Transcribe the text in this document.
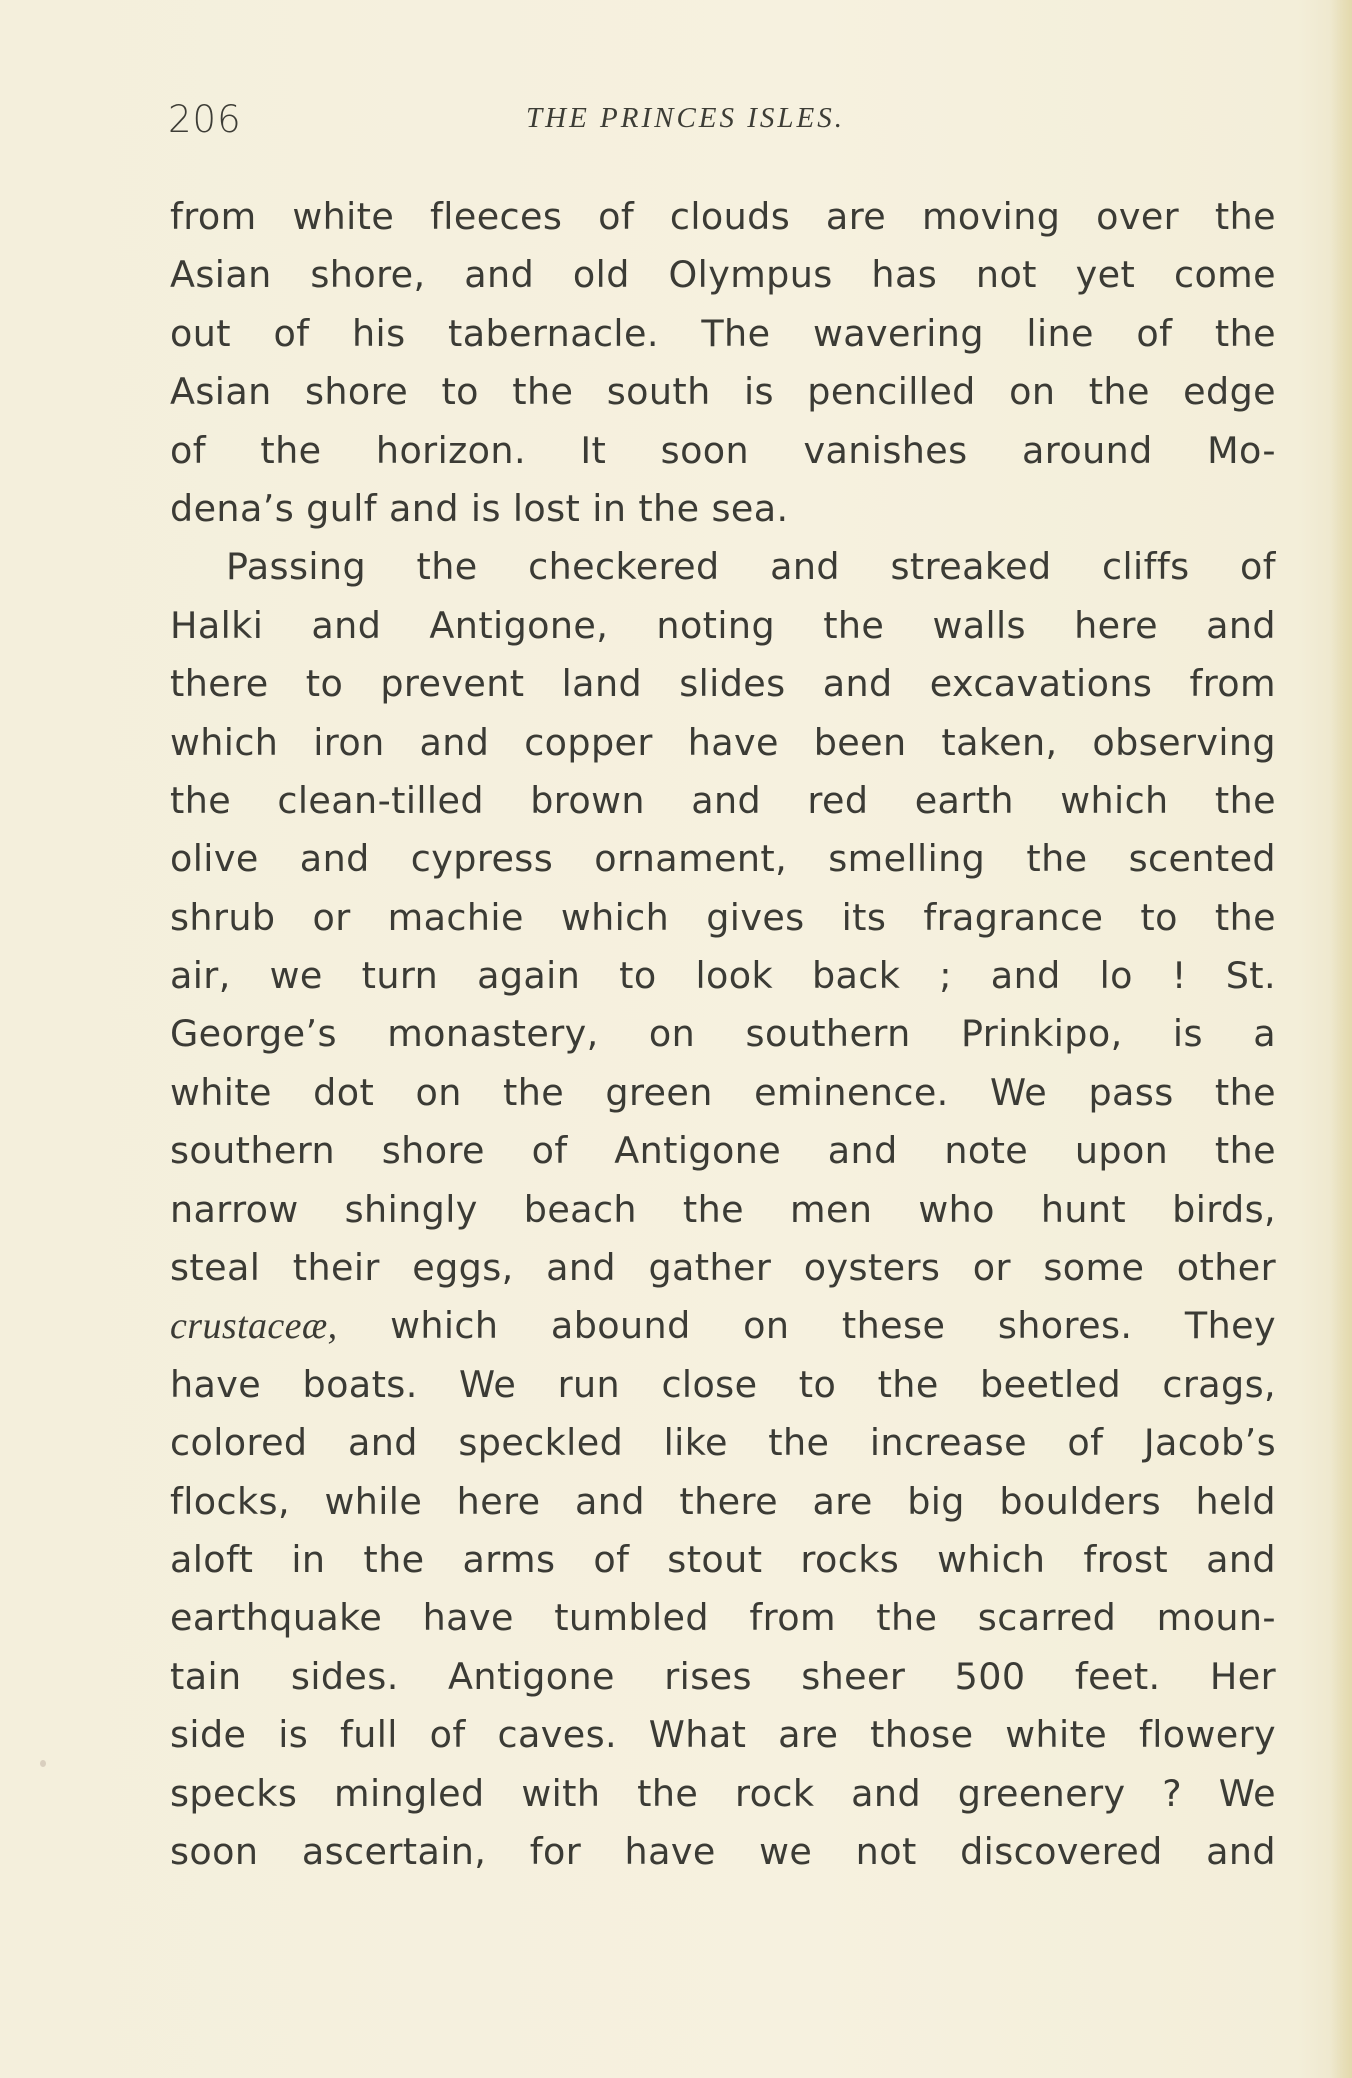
206	THE PRINCES ISLES.
from white fleeces of clouds are moving over the
Asian shore, and old Olympus has not yet come
out of his tabernacle. The wavering line of the
Asian shore to the south is pencilled on the edge
of the horizon. It soon vanishes around Mo-
dena’s gulf and is lost in the sea.
Passing the checkered and streaked cliffs of
Halki and Antigone, noting the walls here and
there to prevent land slides and excavations from
which iron and copper have been taken, observing
the clean-tilled brown and red earth which the
olive and cypress ornament, smelling the scented
shrub or machie which gives its fragrance to the
air, we turn again to look back ; and lo ! St.
George’s monastery, on southern Prinkipo, is a
white dot on the green eminence. We pass the
southern shore of Antigone and note upon the
narrow shingly beach the men who hunt birds,
steal their eggs, and gather oysters or some other
crustaceæ, which abound on these shores. They
have boats. We run close to the beetled crags,
colored and speckled like the increase of Jacob’s
flocks, while here and there are big boulders held
aloft in the arms of stout rocks which frost and
earthquake have tumbled from the scarred moun-
tain sides. Antigone rises sheer 500 feet. Her
side is full of caves. What are those white flowery
specks mingled with the rock and greenery ? We
soon ascertain, for have we not discovered and
